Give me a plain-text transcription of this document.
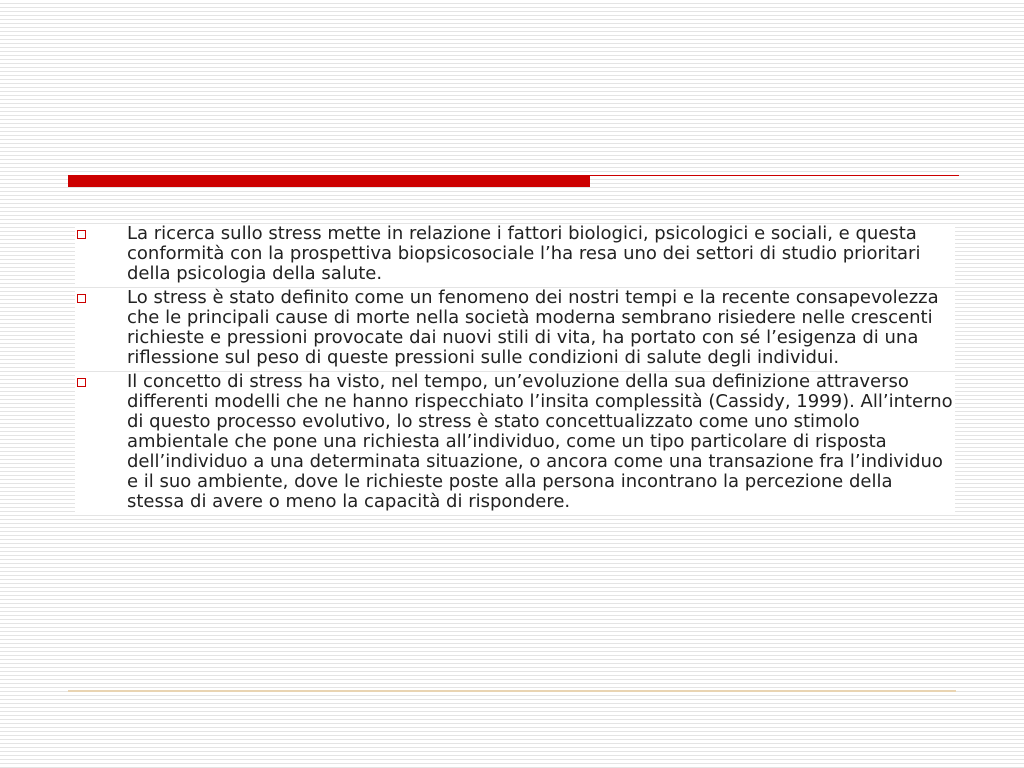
La ricerca sullo stress mette in relazione i fattori biologici, psicologici e sociali, e questa conformità con la prospettiva biopsicosociale l’ha resa uno dei settori di studio prioritari della psicologia della salute.
Lo stress è stato definito come un fenomeno dei nostri tempi e la recente consapevolezza che le principali cause di morte nella società moderna sembrano risiedere nelle crescenti richieste e pressioni provocate dai nuovi stili di vita, ha portato con sé l’esigenza di una riflessione sul peso di queste pressioni sulle condizioni di salute degli individui.
Il concetto di stress ha visto, nel tempo, un’evoluzione della sua definizione attraverso differenti modelli che ne hanno rispecchiato l’insita complessità (Cassidy, 1999). All’interno di questo processo evolutivo, lo stress è stato concettualizzato come uno stimolo ambientale che pone una richiesta all’individuo, come un tipo particolare di risposta dell’individuo a una determinata situazione, o ancora come una transazione fra l’individuo e il suo ambiente, dove le richieste poste alla persona incontrano la percezione della stessa di avere o meno la capacità di rispondere.
